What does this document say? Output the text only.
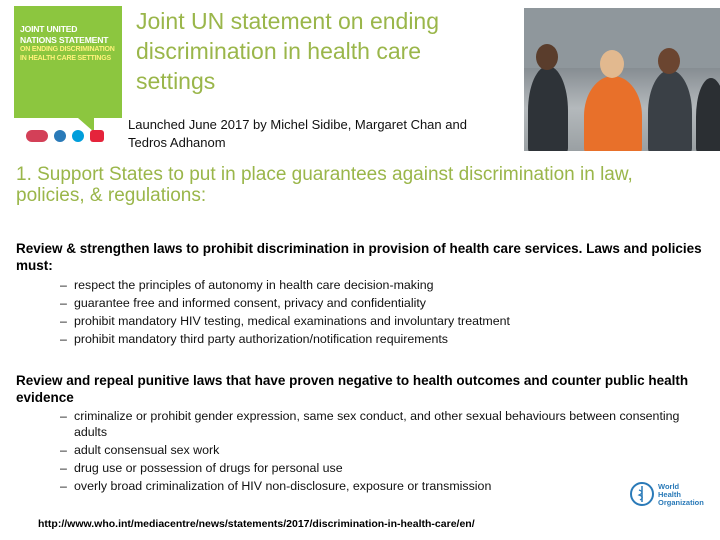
JOINT UNITED
NATIONS STATEMENT
ON ENDING DISCRIMINATION
IN HEALTH CARE SETTINGS
Joint UN statement on ending discrimination in health care settings
Launched June 2017 by Michel Sidibe, Margaret Chan and Tedros Adhanom
1. Support States to put in place guarantees against discrimination in law, policies, & regulations:
Review & strengthen laws to prohibit discrimination in provision of health care services. Laws and policies must:
– respect the principles of autonomy in health care decision-making
– guarantee free and informed consent, privacy and confidentiality
– prohibit mandatory HIV testing, medical examinations and involuntary treatment
– prohibit mandatory third party authorization/notification requirements
Review and repeal punitive laws that have proven negative to health outcomes and counter public health evidence
– criminalize or prohibit gender expression, same sex conduct, and other sexual behaviours between consenting adults
– adult consensual sex work
– drug use or possession of drugs for personal use
– overly broad criminalization of HIV non-disclosure, exposure or transmission	World Health
Organization
http://www.who.int/mediacentre/news/statements/2017/discrimination-in-health-care/en/
